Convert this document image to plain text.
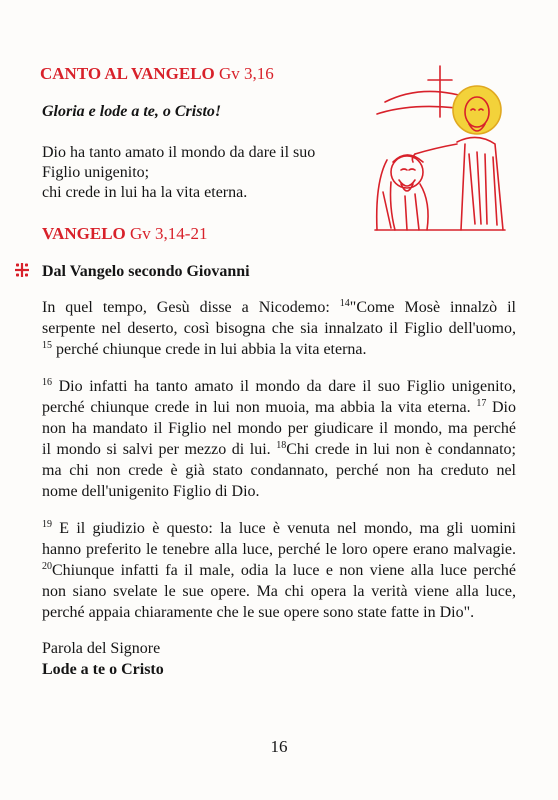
CANTO AL VANGELO Gv 3,16
Gloria e lode a te, o Cristo!
Dio ha tanto amato il mondo da dare il suo
Figlio unigenito;
chi crede in lui ha la vita eterna.
VANGELO Gv 3,14-21
Dal Vangelo secondo Giovanni
In quel tempo, Gesù disse a Nicodemo: $^{14}$"Come Mosè innalzò il
serpente nel deserto, così bisogna che sia innalzato il Figlio dell'uomo,
$^{15}$ perché chiunque crede in lui abbia la vita eterna.
$^{16}$ Dio infatti ha tanto amato il mondo da dare il suo Figlio unigenito,
perché chiunque crede in lui non muoia, ma abbia la vita eterna. $^{17}$ Dio
non ha mandato il Figlio nel mondo per giudicare il mondo, ma perché
il mondo si salvi per mezzo di lui. $^{18}$Chi crede in lui non è condannato;
ma chi non crede è già stato condannato, perché non ha creduto nel
nome dell'unigenito Figlio di Dio.
$^{19}$ E il giudizio è questo: la luce è venuta nel mondo, ma gli uomini
hanno preferito le tenebre alla luce, perché le loro opere erano malvagie.
$^{20}$Chiunque infatti fa il male, odia la luce e non viene alla luce perché
non siano svelate le sue opere. Ma chi opera la verità viene alla luce,
perché appaia chiaramente che le sue opere sono state fatte in Dio".
Parola del Signore
Lode a te o Cristo
16
